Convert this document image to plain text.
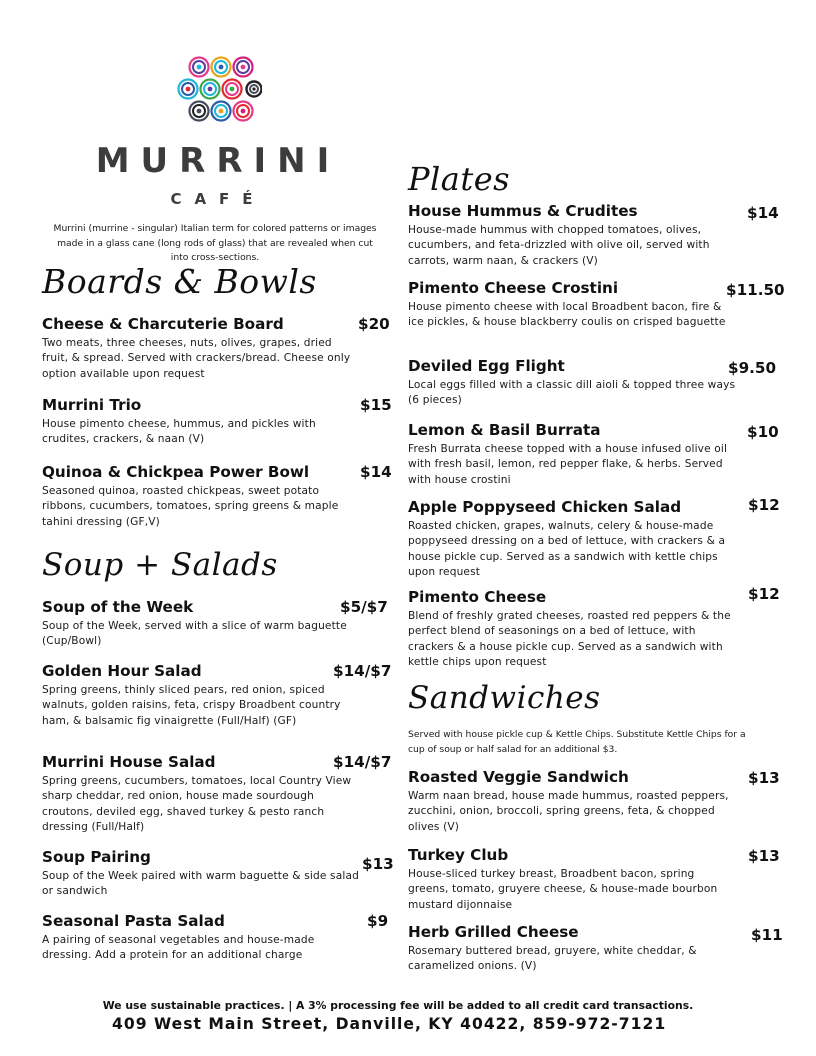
MURRINI
CAFÉ

Murrini (murrine - singular) Italian term for colored patterns or images made in a glass cane (long rods of glass) that are revealed when cut into cross-sections.

Boards & Bowls
Cheese & Charcuterie Board	$20

Two meats, three cheeses, nuts, olives, grapes, dried fruit, & spread. Served with crackers/bread. Cheese only option available upon request

Murrini Trio	$15

House pimento cheese, hummus, and pickles with crudites, crackers, & naan (V)

Quinoa & Chickpea Power Bowl	$14

Seasoned quinoa, roasted chickpeas, sweet potato ribbons, cucumbers, tomatoes, spring greens & maple tahini dressing (GF,V)

Soup + Salads
Soup of the Week	$5/$7

Soup of the Week, served with a slice of warm baguette (Cup/Bowl)

Golden Hour Salad	$14/$7

Spring greens, thinly sliced pears, red onion, spiced walnuts, golden raisins, feta, crispy Broadbent country ham, & balsamic fig vinaigrette (Full/Half) (GF)

Murrini House Salad	$14/$7

Spring greens, cucumbers, tomatoes, local Country View sharp cheddar, red onion, house made sourdough croutons, deviled egg, shaved turkey & pesto ranch dressing (Full/Half)

Soup Pairing	$13

Soup of the Week paired with warm baguette & side salad or sandwich

Seasonal Pasta Salad	$9

A pairing of seasonal vegetables and house-made dressing. Add a protein for an additional charge

Plates
House Hummus & Crudites	$14

House-made hummus with chopped tomatoes, olives, cucumbers, and feta-drizzled with olive oil, served with carrots, warm naan, & crackers (V)

Pimento Cheese Crostini	$11.50

House pimento cheese with local Broadbent bacon, fire & ice pickles, & house blackberry coulis on crisped baguette

Deviled Egg Flight	$9.50

Local eggs filled with a classic dill aioli & topped three ways (6 pieces)

Lemon & Basil Burrata	$10

Fresh Burrata cheese topped with a house infused olive oil with fresh basil, lemon, red pepper flake, & herbs. Served with house crostini

Apple Poppyseed Chicken Salad	$12

Roasted chicken, grapes, walnuts, celery & house-made poppyseed dressing on a bed of lettuce, with crackers & a house pickle cup. Served as a sandwich with kettle chips upon request

Pimento Cheese	$12

Blend of freshly grated cheeses, roasted red peppers & the perfect blend of seasonings on a bed of lettuce, with crackers & a house pickle cup. Served as a sandwich with kettle chips upon request

Sandwiches

Served with house pickle cup & Kettle Chips. Substitute Kettle Chips for a cup of soup or half salad for an additional $3.

Roasted Veggie Sandwich	$13

Warm naan bread, house made hummus, roasted peppers, zucchini, onion, broccoli, spring greens, feta, & chopped olives (V)

Turkey Club	$13

House-sliced turkey breast, Broadbent bacon, spring greens, tomato, gruyere cheese, & house-made bourbon mustard dijonnaise

Herb Grilled Cheese	$11

Rosemary buttered bread, gruyere, white cheddar, & caramelized onions. (V)

We use sustainable practices. | A 3% processing fee will be added to all credit card transactions.

409 West Main Street, Danville, KY 40422, 859-972-7121
